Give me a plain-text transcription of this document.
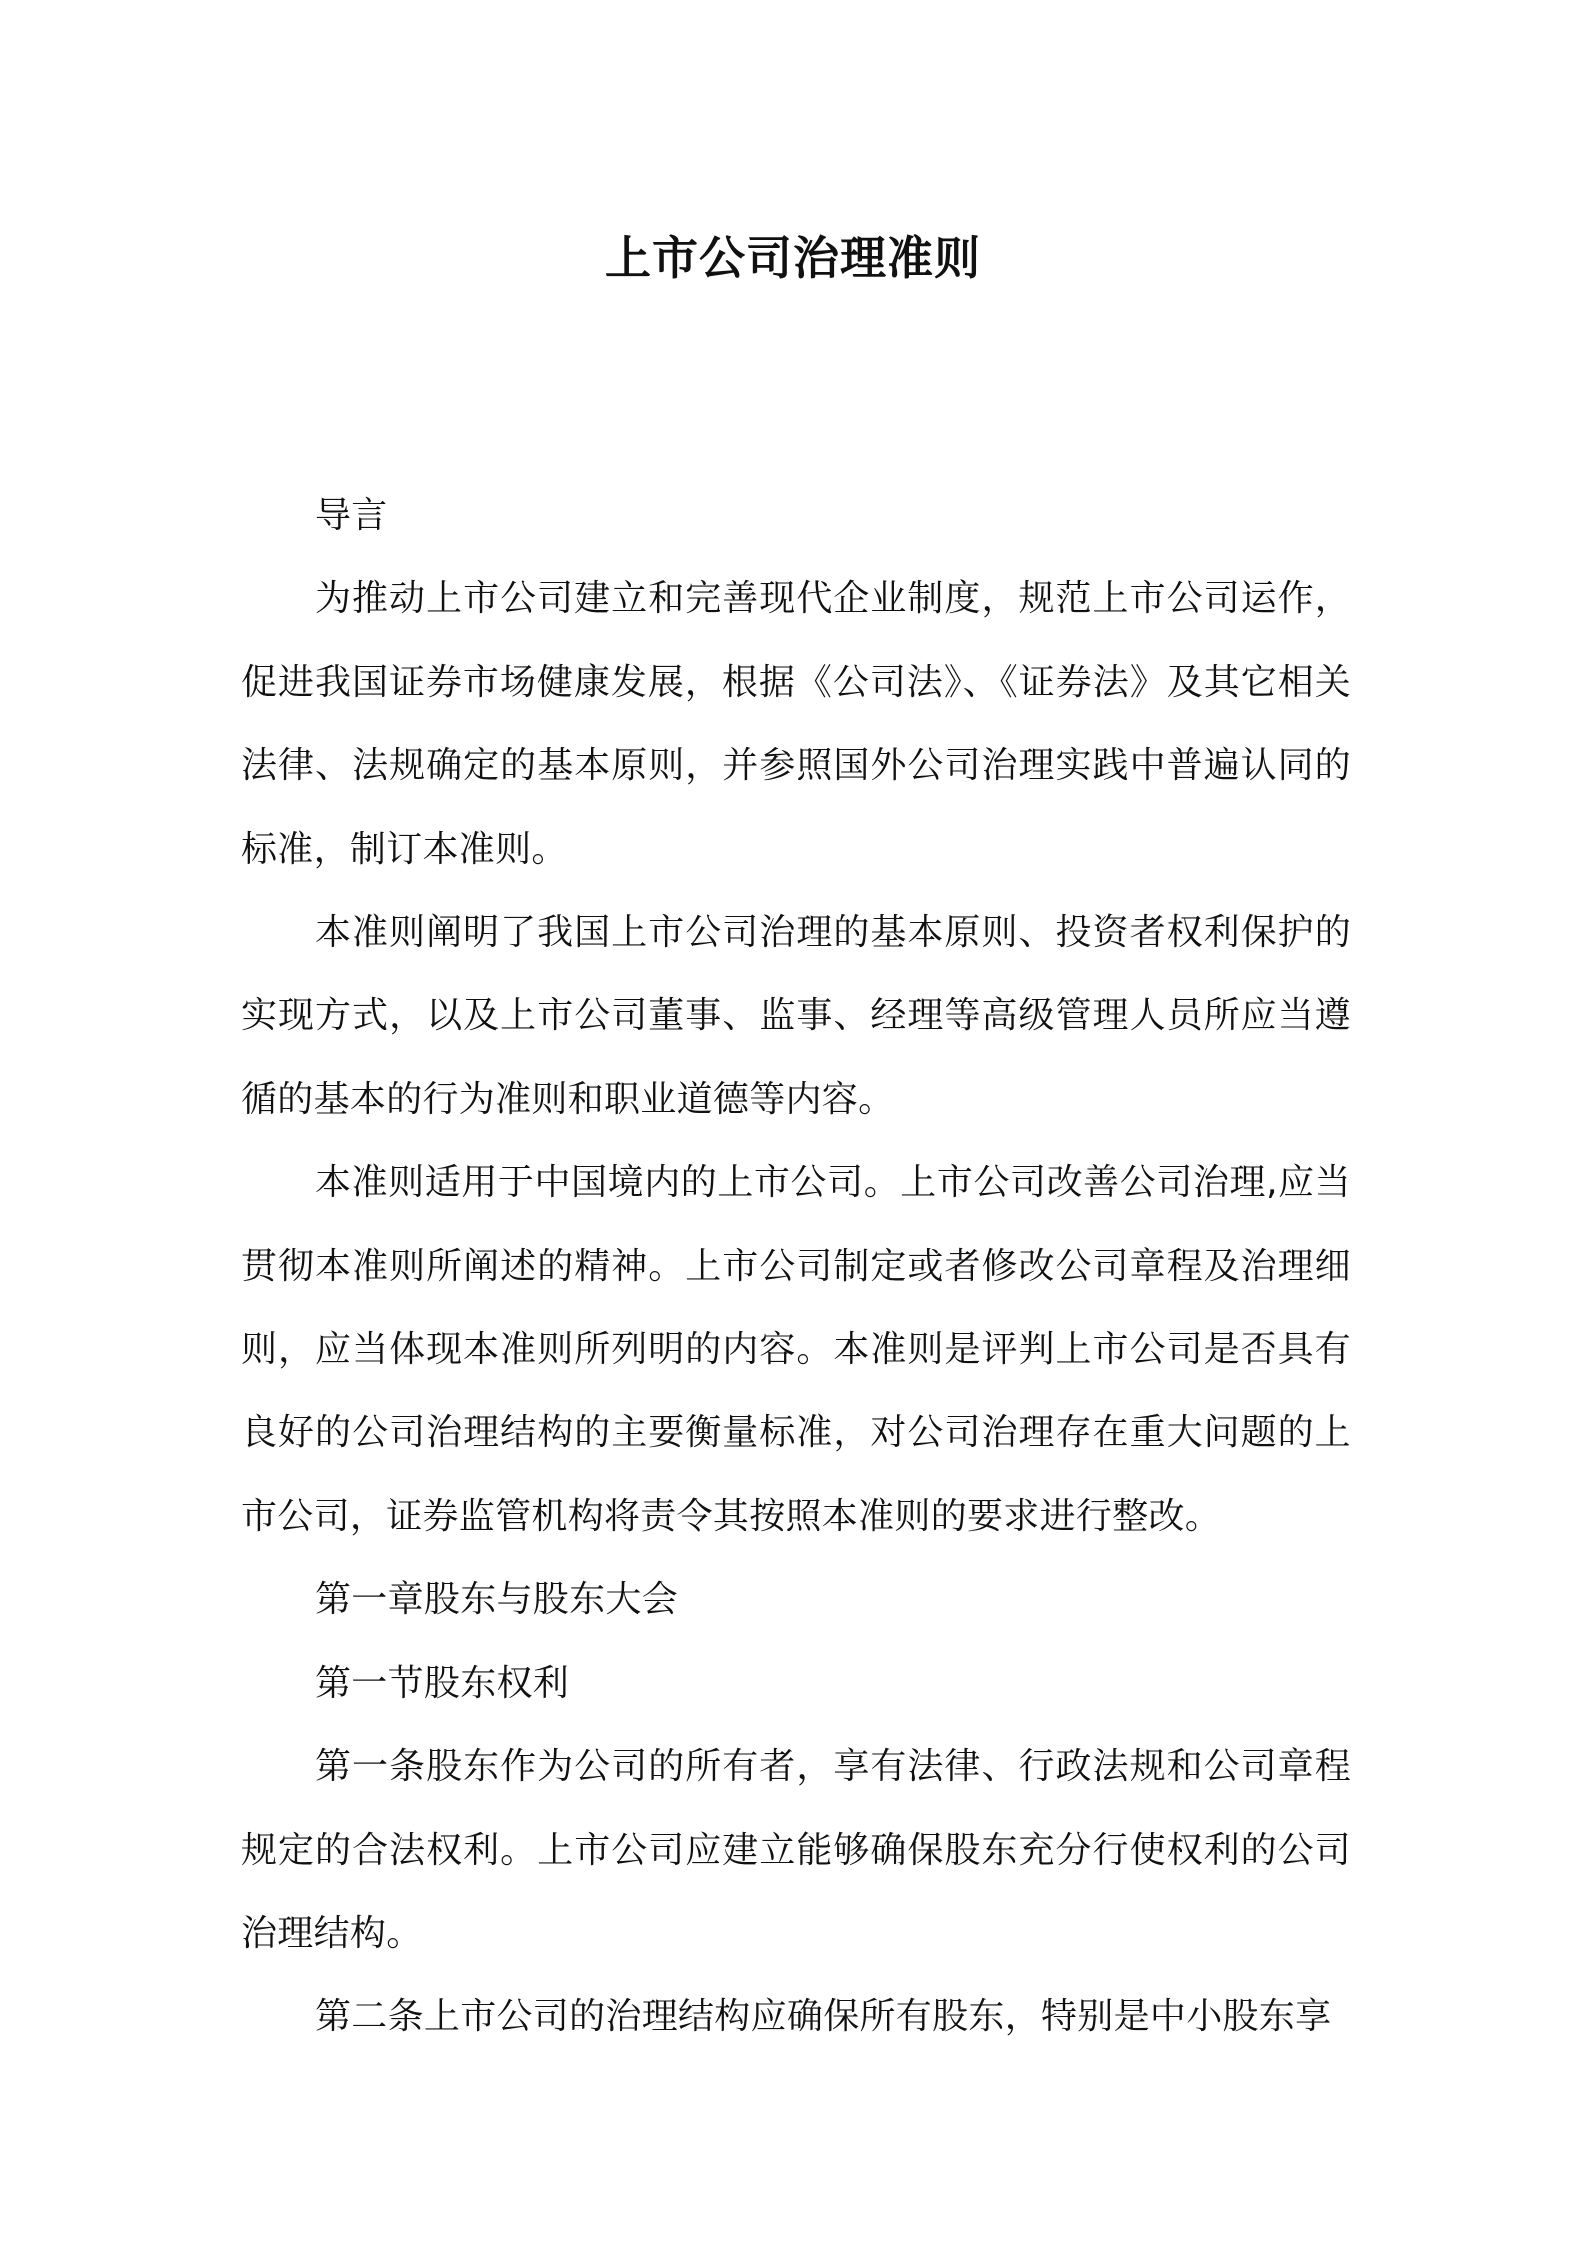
上市公司治理准则

导言

为推动上市公司建立和完善现代企业制度，规范上市公司运作，促进我国证券市场健康发展，根据《公司法》、《证券法》及其它相关法律、法规确定的基本原则，并参照国外公司治理实践中普遍认同的标准，制订本准则。

本准则阐明了我国上市公司治理的基本原则、投资者权利保护的实现方式，以及上市公司董事、监事、经理等高级管理人员所应当遵循的基本的行为准则和职业道德等内容。

本准则适用于中国境内的上市公司。上市公司改善公司治理,应当贯彻本准则所阐述的精神。上市公司制定或者修改公司章程及治理细则，应当体现本准则所列明的内容。本准则是评判上市公司是否具有良好的公司治理结构的主要衡量标准，对公司治理存在重大问题的上市公司，证券监管机构将责令其按照本准则的要求进行整改。

第一章股东与股东大会

第一节股东权利

第一条股东作为公司的所有者，享有法律、行政法规和公司章程规定的合法权利。上市公司应建立能够确保股东充分行使权利的公司治理结构。

第二条上市公司的治理结构应确保所有股东，特别是中小股东享
